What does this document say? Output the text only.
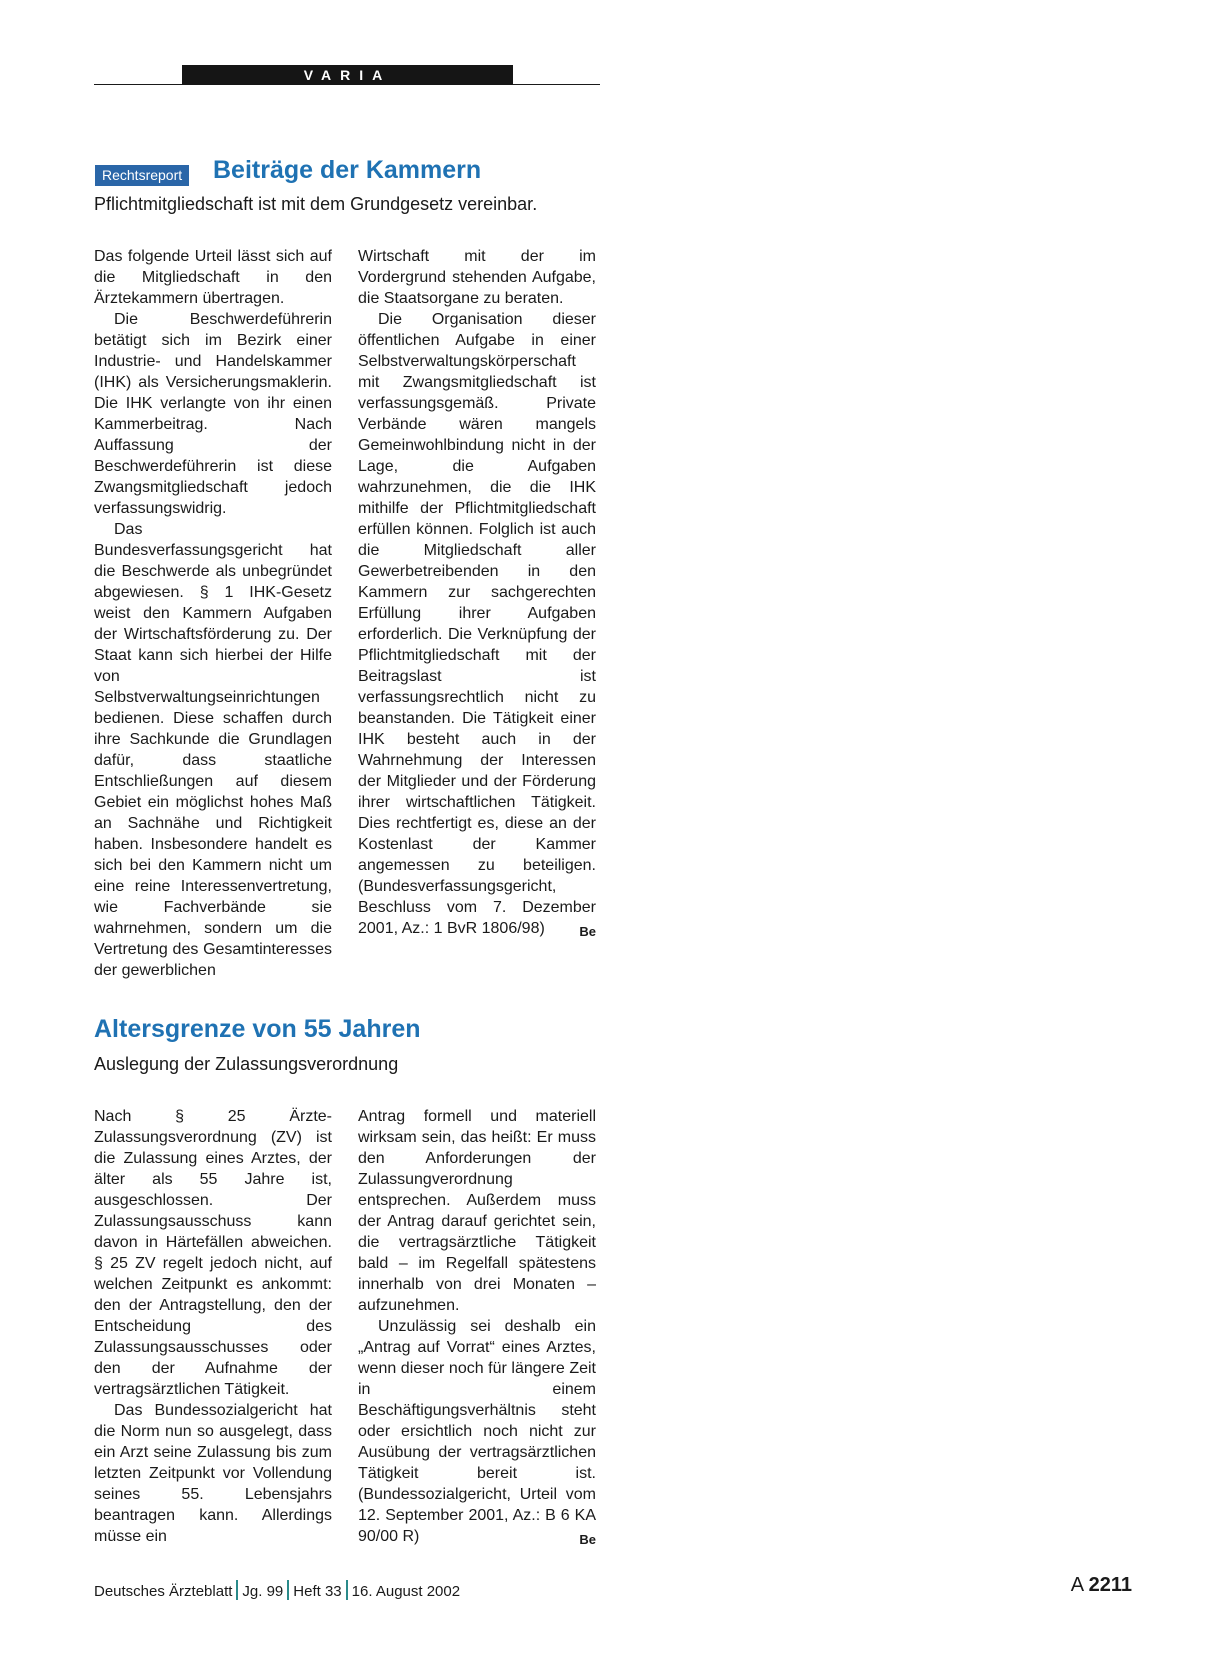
VARIA
Rechtsreport Beiträge der Kammern

Pflichtmitgliedschaft ist mit dem Grundgesetz vereinbar.

Das folgende Urteil lässt sich auf die Mitgliedschaft in den Ärztekammern übertragen.

Die Beschwerdeführerin betätigt sich im Bezirk einer Industrie- und Handelskammer (IHK) als Versicherungsmaklerin. Die IHK verlangte von ihr einen Kammerbeitrag. Nach Auffassung der Beschwerdeführerin ist diese Zwangsmitgliedschaft jedoch verfassungswidrig.

Das Bundesverfassungsgericht hat die Beschwerde als unbegründet abgewiesen. § 1 IHK-Gesetz weist den Kammern Aufgaben der Wirtschaftsförderung zu. Der Staat kann sich hierbei der Hilfe von Selbstverwaltungseinrichtungen bedienen. Diese schaffen durch ihre Sachkunde die Grundlagen dafür, dass staatliche Entschließungen auf diesem Gebiet ein möglichst hohes Maß an Sachnähe und Richtigkeit haben. Insbesondere handelt es sich bei den Kammern nicht um eine reine Interessenvertretung, wie Fachverbände sie wahrnehmen, sondern um die Vertretung des Gesamtinteresses der gewerblichen

Wirtschaft mit der im Vordergrund stehenden Aufgabe, die Staatsorgane zu beraten.

Die Organisation dieser öffentlichen Aufgabe in einer Selbstverwaltungskörperschaft mit Zwangsmitgliedschaft ist verfassungsgemäß. Private Verbände wären mangels Gemeinwohlbindung nicht in der Lage, die Aufgaben wahrzunehmen, die die IHK mithilfe der Pflichtmitgliedschaft erfüllen können. Folglich ist auch die Mitgliedschaft aller Gewerbetreibenden in den Kammern zur sachgerechten Erfüllung ihrer Aufgaben erforderlich. Die Verknüpfung der Pflichtmitgliedschaft mit der Beitragslast ist verfassungsrechtlich nicht zu beanstanden. Die Tätigkeit einer IHK besteht auch in der Wahrnehmung der Interessen der Mitglieder und der Förderung ihrer wirtschaftlichen Tätigkeit. Dies rechtfertigt es, diese an der Kostenlast der Kammer angemessen zu beteiligen. (Bundesverfassungsgericht, Beschluss vom 7. Dezember 2001, Az.: 1 BvR 1806/98)	Be

Altersgrenze von 55 Jahren

Auslegung der Zulassungsverordnung

Nach § 25 Ärzte-Zulassungsverordnung (ZV) ist die Zulassung eines Arztes, der älter als 55 Jahre ist, ausgeschlossen. Der Zulassungsausschuss kann davon in Härtefällen abweichen. § 25 ZV regelt jedoch nicht, auf welchen Zeitpunkt es ankommt: den der Antragstellung, den der Entscheidung des Zulassungsausschusses oder den der Aufnahme der vertragsärztlichen Tätigkeit.

Das Bundessozialgericht hat die Norm nun so ausgelegt, dass ein Arzt seine Zulassung bis zum letzten Zeitpunkt vor Vollendung seines 55. Lebensjahrs beantragen kann. Allerdings müsse ein

Antrag formell und materiell wirksam sein, das heißt: Er muss den Anforderungen der Zulassungverordnung entsprechen. Außerdem muss der Antrag darauf gerichtet sein, die vertragsärztliche Tätigkeit bald – im Regelfall spätestens innerhalb von drei Monaten – aufzunehmen.

Unzulässig sei deshalb ein „Antrag auf Vorrat“ eines Arztes, wenn dieser noch für längere Zeit in einem Beschäftigungsverhältnis steht oder ersichtlich noch nicht zur Ausübung der vertragsärztlichen Tätigkeit bereit ist. (Bundessozialgericht, Urteil vom 12. September 2001, Az.: B 6 KA 90/00 R)	Be

Deutsches Ärzteblatt Jg. 99 Heft 33 16. August 2002	A 2211
